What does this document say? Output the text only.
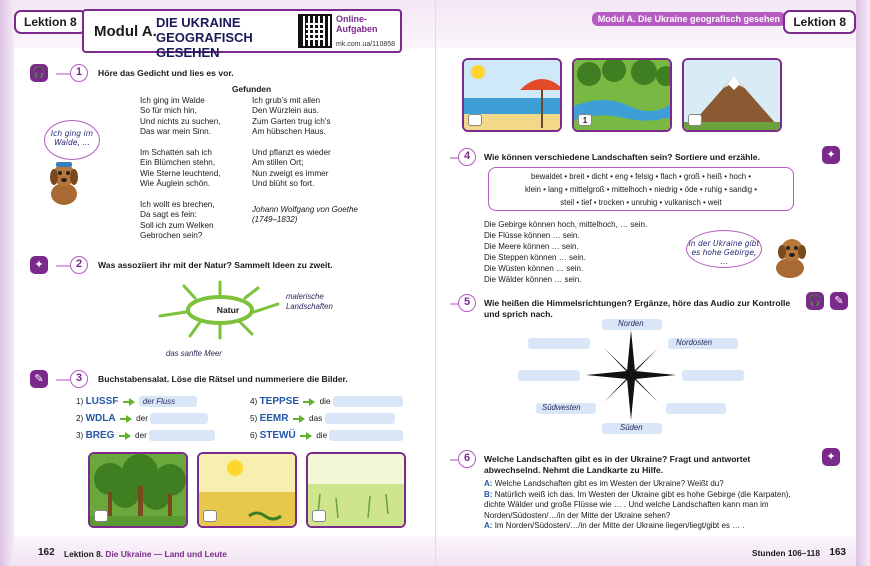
Lektion 8
Modul A.
DIE UKRAINE GEOGRAFISCH GESEHEN
Online-Aufgaben
mk.com.ua/110858
🎧	1	Höre das Gedicht und lies es vor.
Gefunden
Ich ging im Walde
So für mich hin,
Und nichts zu suchen,
Das war mein Sinn.

Im Schatten sah ich
Ein Blümchen stehn,
Wie Sterne leuchtend,
Wie Äuglein schön.

Ich wollt es brechen,
Da sagt es fein:
Soll ich zum Welken
Gebrochen sein?
Ich grub’s mit allen
Den Würzlein aus.
Zum Garten trug ich’s
Am hübschen Haus.

Und pflanzt es wieder
Am stillen Ort;
Nun zweigt es immer
Und blüht so fort.
Johann Wolfgang von Goethe
(1749–1832)
Ich ging im Walde, …
✦	2	Was assoziiert ihr mit der Natur? Sammelt Ideen zu zweit.
Natur
malerische Landschaften
das sanfte Meer
✎	3	Buchstabensalat. Löse die Rätsel und nummeriere die Bilder.
1) LUSSF	der Fluss
2) WDLA	der
3) BREG	der
4) TEPPSE	die
5) EEMR	das
6) STEWÜ	die
162 Lektion 8. Die Ukraine — Land und Leute
Modul A. Die Ukraine geografisch gesehen	Lektion 8
1
4	Wie können verschiedene Landschaften sein? Sortiere und erzähle.	✦
bewaldet • breit • dicht • eng • felsig • flach • groß • heiß • hoch •
klein • lang • mittelgroß • mittelhoch • niedrig • öde • ruhig • sandig •
steil • tief • trocken • unruhig • vulkanisch • weit
Die Gebirge können hoch, mittelhoch, … sein.
Die Flüsse können … sein.
Die Meere können … sein.
Die Steppen können … sein.
Die Wüsten können … sein.
Die Wälder können … sein.
In der Ukraine gibt es hohe Gebirge, …
5	Wie heißen die Himmelsrichtungen? Ergänze, höre das Audio zur Kontrolle und sprich nach.
🎧	✎
Norden
Nordosten
Südwesten
Süden
6	Welche Landschaften gibt es in der Ukraine? Fragt und antwortet abwechselnd. Nehmt die Landkarte zu Hilfe.
✦
A: Welche Landschaften gibt es im Westen der Ukraine? Weißt du?
B: Natürlich weiß ich das. Im Westen der Ukraine gibt es hohe Gebirge (die Karpaten), dichte Wälder und große Flüsse wie … . Und welche Landschaften kann man im Norden/Südosten/…/in der Mitte der Ukraine sehen?
A: Im Norden/Südosten/…/in der Mitte der Ukraine liegen/liegt/gibt es … .
Stunden 106–118 163
